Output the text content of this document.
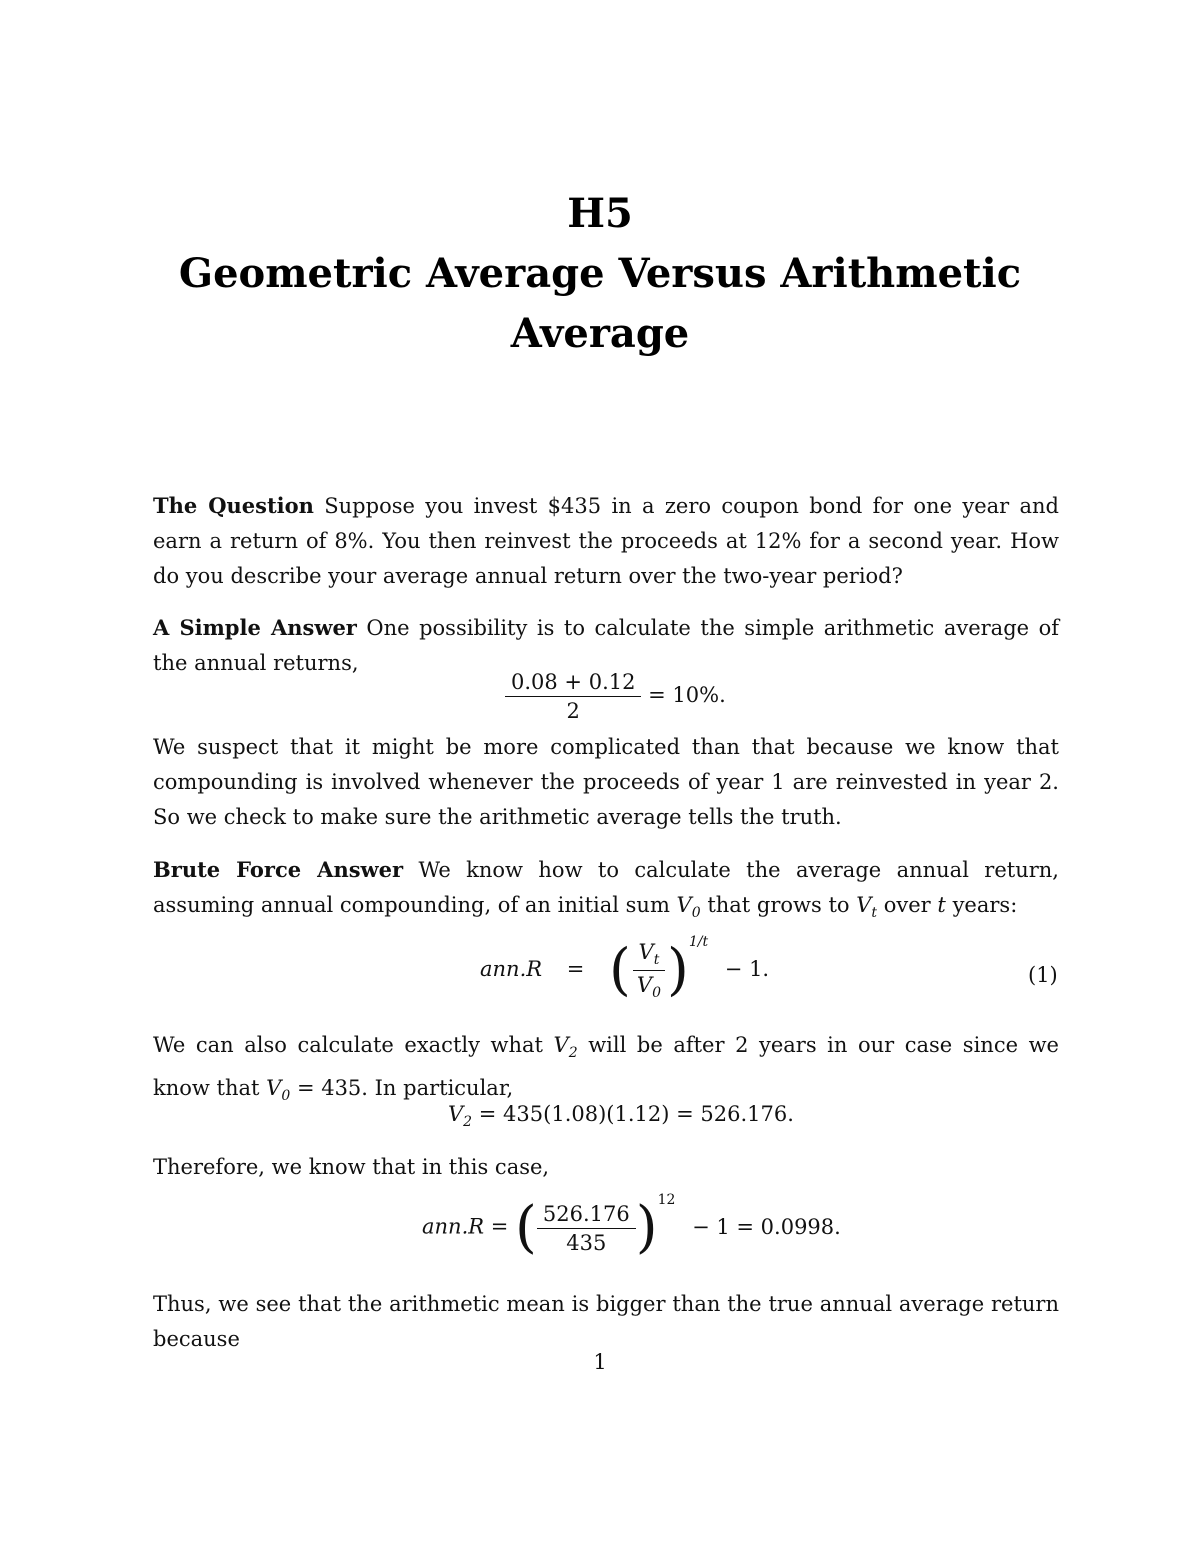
H5
Geometric Average Versus Arithmetic
Average
The Question Suppose you invest $435 in a zero coupon bond for one year and earn a return of 8%. You then reinvest the proceeds at 12% for a second year. How do you describe your average annual return over the two-year period?
A Simple Answer One possibility is to calculate the simple arithmetic average of the annual returns,
$\frac{0.08 + 0.12}{2} = 10\%$.
We suspect that it might be more complicated than that because we know that compounding is involved whenever the proceeds of year 1 are reinvested in year 2. So we check to make sure the arithmetic average tells the truth.
Brute Force Answer We know how to calculate the average annual return, assuming annual compounding, of an initial sum $V_0$ that grows to $V_t$ over t years:
ann.R = ( $\frac{V_t}{V_0} )^{1/t} - 1$.	(1)
We can also calculate exactly what $V_2$ will be after 2 years in our case since we know that $V_0 = 435$. In particular,
$V_2 = 435(1.08)(1.12) = 526.176$.
Therefore, we know that in this case,
ann.R = ( $\frac{526.176}{435} )^{12} - 1 = 0.0998$.
Thus, we see that the arithmetic mean is bigger than the true annual average return because
1
